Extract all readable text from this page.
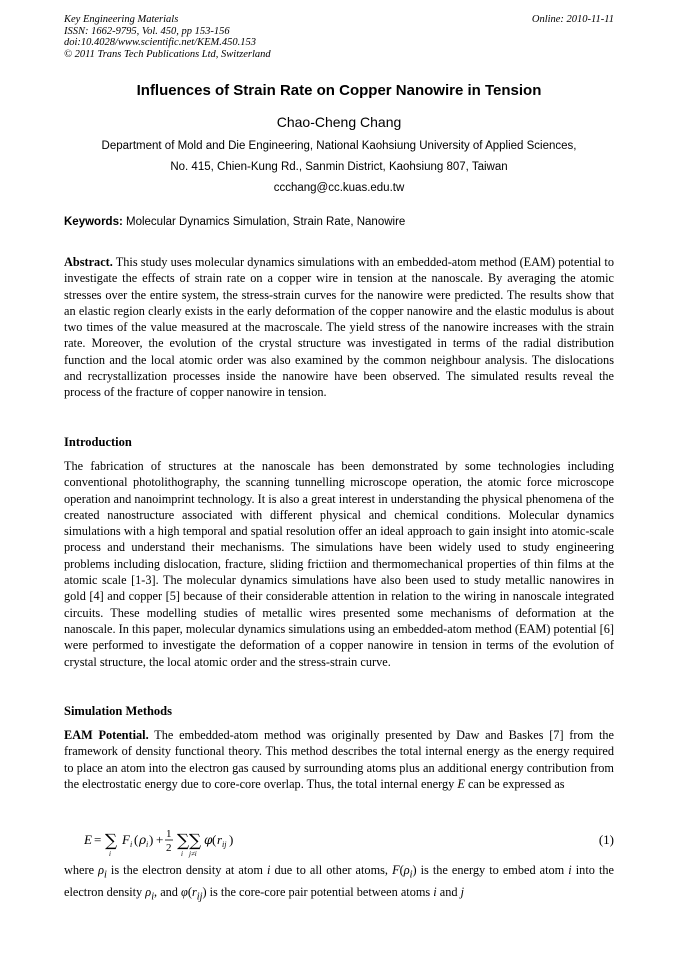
Key Engineering Materials
ISSN: 1662-9795, Vol. 450, pp 153-156
doi:10.4028/www.scientific.net/KEM.450.153
© 2011 Trans Tech Publications Ltd, Switzerland
Online: 2010-11-11
Influences of Strain Rate on Copper Nanowire in Tension
Chao-Cheng Chang
Department of Mold and Die Engineering, National Kaohsiung University of Applied Sciences,
No. 415, Chien-Kung Rd., Sanmin District, Kaohsiung 807, Taiwan
ccchang@cc.kuas.edu.tw
Keywords: Molecular Dynamics Simulation, Strain Rate, Nanowire
Abstract. This study uses molecular dynamics simulations with an embedded-atom method (EAM) potential to investigate the effects of strain rate on a copper wire in tension at the nanoscale. By averaging the atomic stresses over the entire system, the stress-strain curves for the nanowire were predicted. The results show that an elastic region clearly exists in the early deformation of the copper nanowire and the elastic modulus is about two times of the value measured at the macroscale. The yield stress of the nanowire increases with the strain rate. Moreover, the evolution of the crystal structure was investigated in terms of the radial distribution function and the local atomic order was also examined by the common neighbour analysis. The dislocations and recrystallization processes inside the nanowire have been observed. The simulated results reveal the process of the fracture of copper nanowire in tension.
Introduction
The fabrication of structures at the nanoscale has been demonstrated by some technologies including conventional photolithography, the scanning tunnelling microscope operation, the atomic force microscope operation and nanoimprint technology. It is also a great interest in understanding the physical phenomena of the created nanostructure associated with different physical and chemical conditions. Molecular dynamics simulations with a high temporal and spatial resolution offer an ideal approach to gain insight into atomic-scale process and understand their mechanisms. The simulations have been widely used to study engineering problems including dislocation, fracture, sliding frictiion and thermomechanical properties of thin films at the atomic scale [1-3]. The molecular dynamics simulations have also been used to study metallic nanowires in gold [4] and copper [5] because of their considerable attention in relation to the wiring in nanoscale integrated circuits. These modelling studies of metallic wires presented some mechanisms of deformation at the nanoscale. In this paper, molecular dynamics simulations using an embedded-atom method (EAM) potential [6] were performed to investigate the deformation of a copper nanowire in tension in terms of the evolution of crystal structure, the local atomic order and the stress-strain curve.
Simulation Methods
EAM Potential. The embedded-atom method was originally presented by Daw and Baskes [7] from the framework of density functional theory. This method describes the total internal energy as the energy required to place an atom into the electron gas caused by surrounding atoms plus an additional energy contribution from the electrostatic energy due to core-core overlap. Thus, the total internal energy E can be expressed as
E = ∑
i
F i ( ρ i ) + 1
2 ∑
i
∑
j≠i
φ ( r ij )	(1)
where $\rho_i$ is the electron density at atom i due to all other atoms, $F(\rho_i)$ is the energy to embed atom i into the electron density $\rho_i$, and $\varphi(r_{ij})$ is the core-core pair potential between atoms i and j
